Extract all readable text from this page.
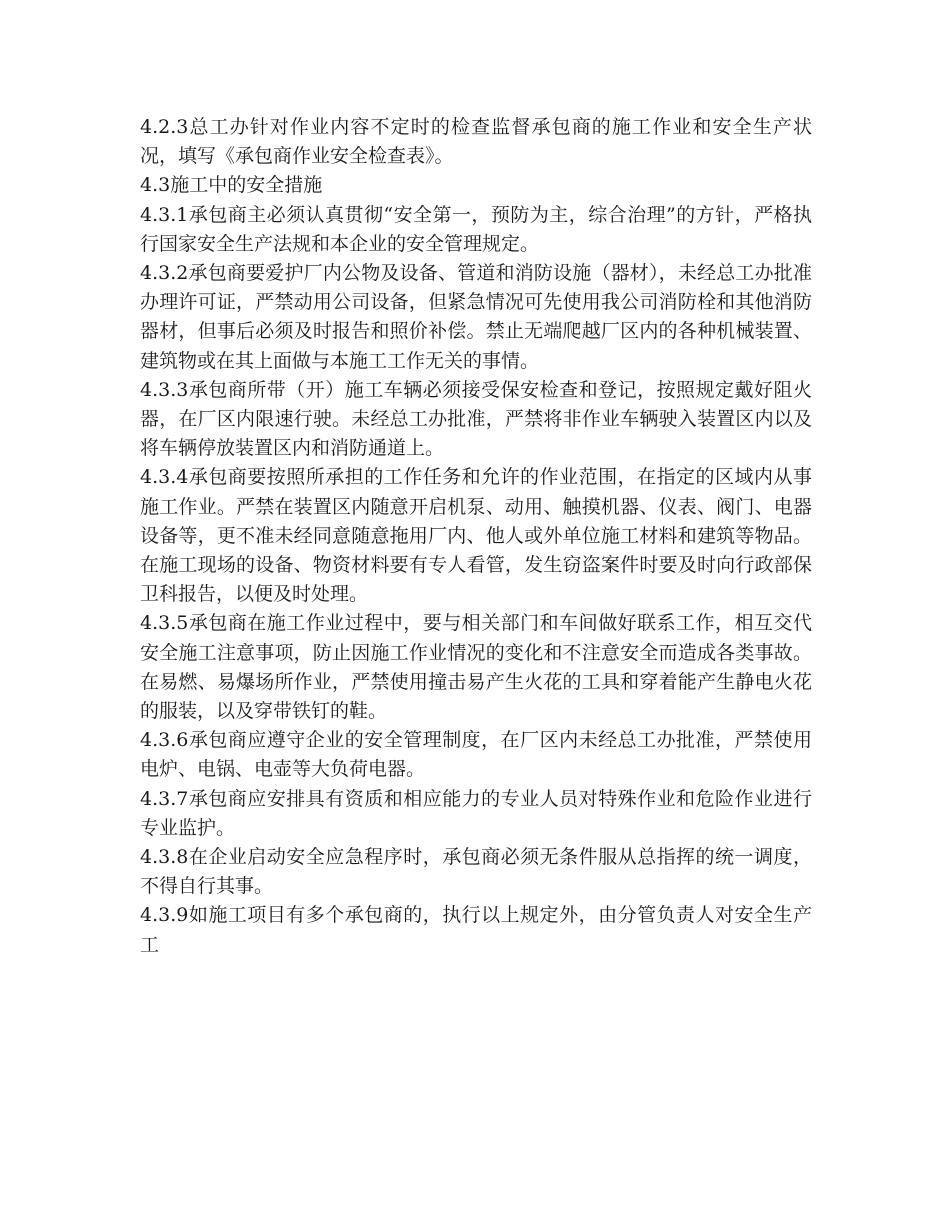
4.2.3总工办针对作业内容不定时的检查监督承包商的施工作业和安全生产状况，填写《承包商作业安全检查表》。

4.3施工中的安全措施

4.3.1承包商主必须认真贯彻“安全第一，预防为主，综合治理”的方针，严格执行国家安全生产法规和本企业的安全管理规定。

4.3.2承包商要爱护厂内公物及设备、管道和消防设施（器材），未经总工办批准办理许可证，严禁动用公司设备，但紧急情况可先使用我公司消防栓和其他消防器材，但事后必须及时报告和照价补偿。禁止无端爬越厂区内的各种机械装置、建筑物或在其上面做与本施工工作无关的事情。

4.3.3承包商所带（开）施工车辆必须接受保安检查和登记，按照规定戴好阻火器，在厂区内限速行驶。未经总工办批准，严禁将非作业车辆驶入装置区内以及将车辆停放装置区内和消防通道上。

4.3.4承包商要按照所承担的工作任务和允许的作业范围，在指定的区域内从事施工作业。严禁在装置区内随意开启机泵、动用、触摸机器、仪表、阀门、电器设备等，更不准未经同意随意拖用厂内、他人或外单位施工材料和建筑等物品。在施工现场的设备、物资材料要有专人看管，发生窃盗案件时要及时向行政部保卫科报告，以便及时处理。

4.3.5承包商在施工作业过程中，要与相关部门和车间做好联系工作，相互交代安全施工注意事项，防止因施工作业情况的变化和不注意安全而造成各类事故。在易燃、易爆场所作业，严禁使用撞击易产生火花的工具和穿着能产生静电火花的服装，以及穿带铁钉的鞋。

4.3.6承包商应遵守企业的安全管理制度，在厂区内未经总工办批准，严禁使用电炉、电锅、电壶等大负荷电器。

4.3.7承包商应安排具有资质和相应能力的专业人员对特殊作业和危险作业进行专业监护。

4.3.8在企业启动安全应急程序时，承包商必须无条件服从总指挥的统一调度，不得自行其事。

4.3.9如施工项目有多个承包商的，执行以上规定外，由分管负责人对安全生产工
